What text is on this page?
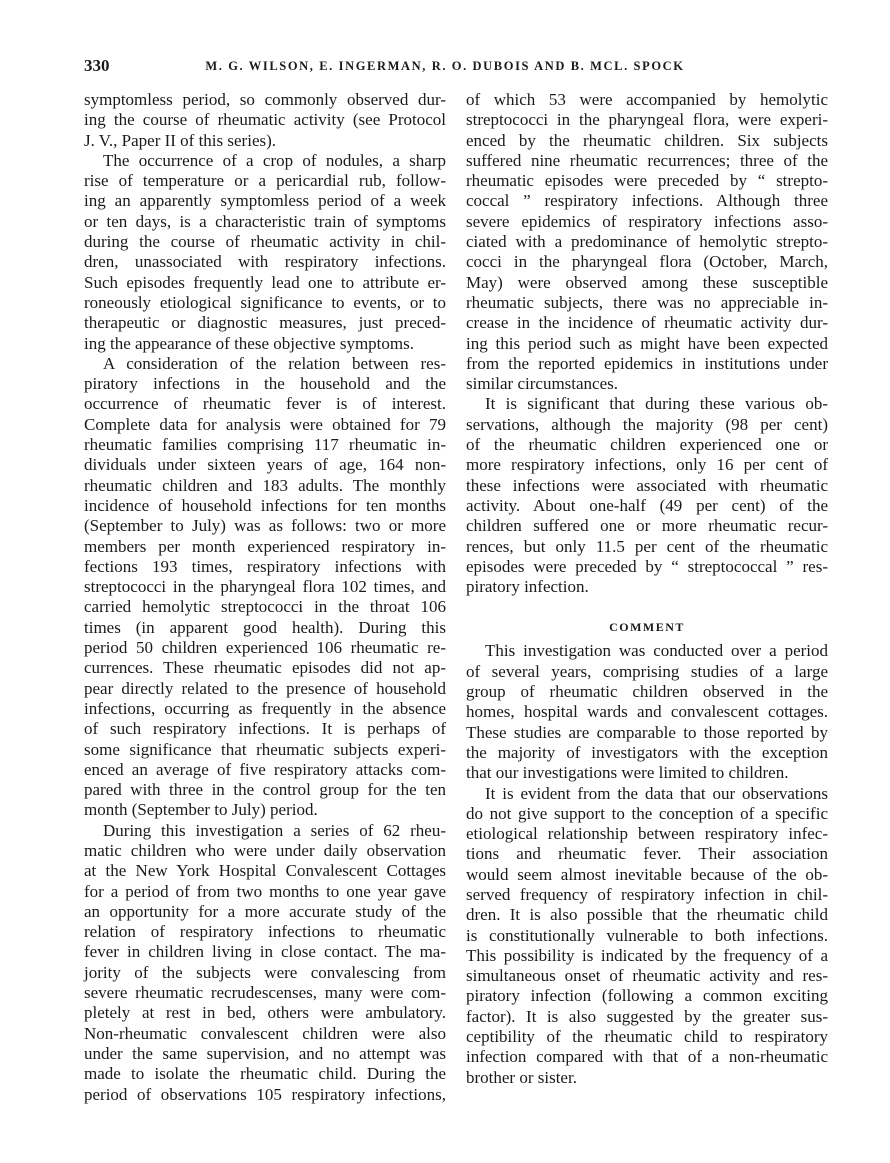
330	M. G. WILSON, E. INGERMAN, R. O. DUBOIS AND B. MCL. SPOCK
symptomless period, so commonly observed dur-
ing the course of rheumatic activity (see Protocol
J. V., Paper II of this series).
The occurrence of a crop of nodules, a sharp
rise of temperature or a pericardial rub, follow-
ing an apparently symptomless period of a week
or ten days, is a characteristic train of symptoms
during the course of rheumatic activity in chil-
dren, unassociated with respiratory infections.
Such episodes frequently lead one to attribute er-
roneously etiological significance to events, or to
therapeutic or diagnostic measures, just preced-
ing the appearance of these objective symptoms.
A consideration of the relation between res-
piratory infections in the household and the
occurrence of rheumatic fever is of interest.
Complete data for analysis were obtained for 79
rheumatic families comprising 117 rheumatic in-
dividuals under sixteen years of age, 164 non-
rheumatic children and 183 adults. The monthly
incidence of household infections for ten months
(September to July) was as follows: two or more
members per month experienced respiratory in-
fections 193 times, respiratory infections with
streptococci in the pharyngeal flora 102 times, and
carried hemolytic streptococci in the throat 106
times (in apparent good health). During this
period 50 children experienced 106 rheumatic re-
currences. These rheumatic episodes did not ap-
pear directly related to the presence of household
infections, occurring as frequently in the absence
of such respiratory infections. It is perhaps of
some significance that rheumatic subjects experi-
enced an average of five respiratory attacks com-
pared with three in the control group for the ten
month (September to July) period.
During this investigation a series of 62 rheu-
matic children who were under daily observation
at the New York Hospital Convalescent Cottages
for a period of from two months to one year gave
an opportunity for a more accurate study of the
relation of respiratory infections to rheumatic
fever in children living in close contact. The ma-
jority of the subjects were convalescing from
severe rheumatic recrudescenses, many were com-
pletely at rest in bed, others were ambulatory.
Non-rheumatic convalescent children were also
under the same supervision, and no attempt was
made to isolate the rheumatic child. During the
period of observations 105 respiratory infections,
of which 53 were accompanied by hemolytic
streptococci in the pharyngeal flora, were experi-
enced by the rheumatic children. Six subjects
suffered nine rheumatic recurrences; three of the
rheumatic episodes were preceded by “ strepto-
coccal ” respiratory infections. Although three
severe epidemics of respiratory infections asso-
ciated with a predominance of hemolytic strepto-
cocci in the pharyngeal flora (October, March,
May) were observed among these susceptible
rheumatic subjects, there was no appreciable in-
crease in the incidence of rheumatic activity dur-
ing this period such as might have been expected
from the reported epidemics in institutions under
similar circumstances.
It is significant that during these various ob-
servations, although the majority (98 per cent)
of the rheumatic children experienced one or
more respiratory infections, only 16 per cent of
these infections were associated with rheumatic
activity. About one-half (49 per cent) of the
children suffered one or more rheumatic recur-
rences, but only 11.5 per cent of the rheumatic
episodes were preceded by “ streptococcal ” res-
piratory infection.
COMMENT
This investigation was conducted over a period
of several years, comprising studies of a large
group of rheumatic children observed in the
homes, hospital wards and convalescent cottages.
These studies are comparable to those reported by
the majority of investigators with the exception
that our investigations were limited to children.
It is evident from the data that our observations
do not give support to the conception of a specific
etiological relationship between respiratory infec-
tions and rheumatic fever. Their association
would seem almost inevitable because of the ob-
served frequency of respiratory infection in chil-
dren. It is also possible that the rheumatic child
is constitutionally vulnerable to both infections.
This possibility is indicated by the frequency of a
simultaneous onset of rheumatic activity and res-
piratory infection (following a common exciting
factor). It is also suggested by the greater sus-
ceptibility of the rheumatic child to respiratory
infection compared with that of a non-rheumatic
brother or sister.
